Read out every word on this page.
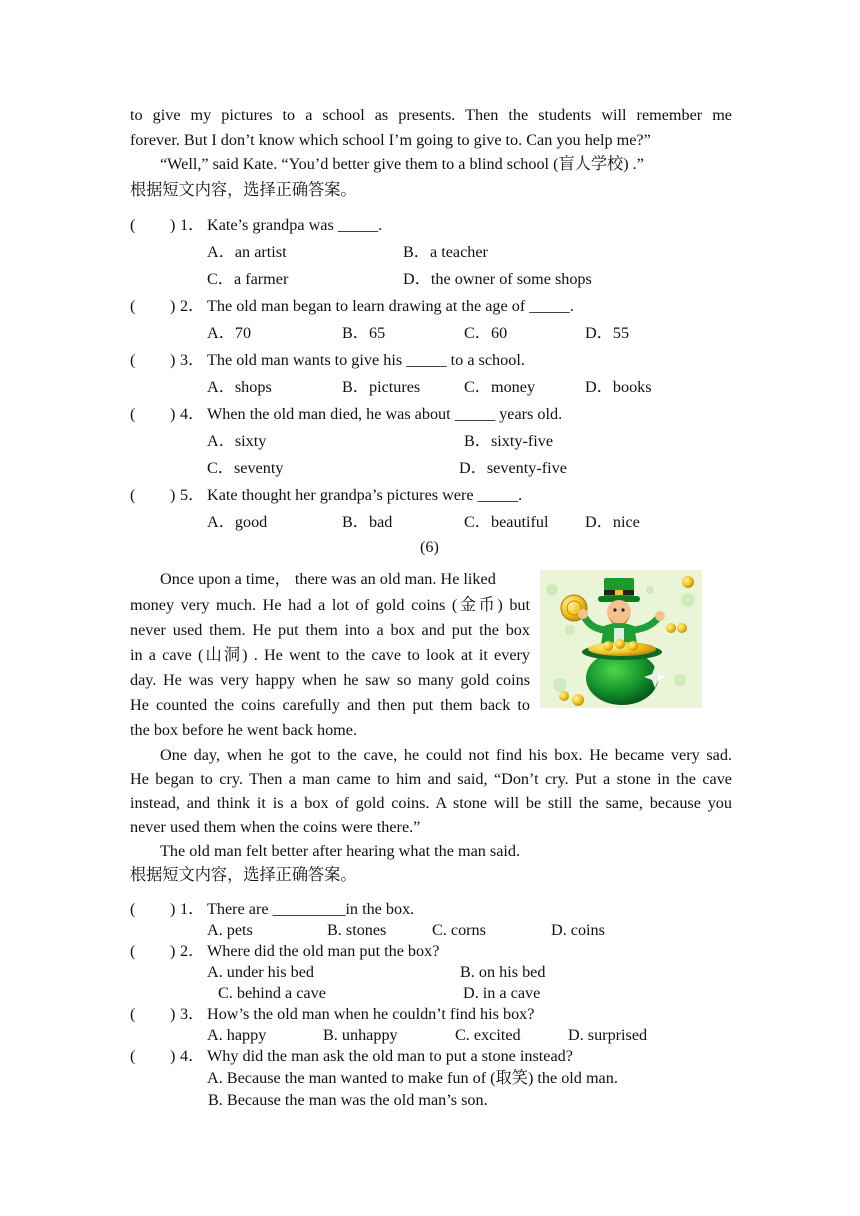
to give my pictures to a school as presents. Then the students will remember me
forever. But I don’t know which school I’m going to give to. Can you help me?”
“Well,” said Kate. “You’d better give them to a blind school (盲人学校) .”
根据短文内容，选择正确答案。
( ) 1． Kate’s grandpa was _____.
A．an artist	B．a teacher
C．a farmer	D．the owner of some shops
( ) 2． The old man began to learn drawing at the age of _____.
A．70	B．65	C．60	D．55
( ) 3． The old man wants to give his _____ to a school.
A．shops	B．pictures	C．money	D．books
( ) 4． When the old man died, he was about _____ years old.
A．sixty	B．sixty-five
C．seventy	D．seventy-five
( ) 5． Kate thought her grandpa’s pictures were _____.
A．good	B．bad	C．beautiful D．nice
(6)
Once upon a time， there was an old man. He liked
money very much. He had a lot of gold coins (金币) but
never used them. He put them into a box and put the box
in a cave (山洞) . He went to the cave to look at it every
day. He was very happy when he saw so many gold coins
He counted the coins carefully and then put them back to
the box before he went back home.
One day, when he got to the cave, he could not find his box. He became very sad.
He began to cry. Then a man came to him and said, “Don’t cry. Put a stone in the cave
instead, and think it is a box of gold coins. A stone will be still the same, because you
never used them when the coins were there.”
The old man felt better after hearing what the man said.
根据短文内容，选择正确答案。
( ) 1． There are _________in the box.
A. pets	B. stones	C. corns	D. coins
( ) 2． Where did the old man put the box?
A. under his bed	B. on his bed
C. behind a cave	D. in a cave
( ) 3． How’s the old man when he couldn’t find his box?
A. happy	B. unhappy	C. excited	D. surprised
( ) 4． Why did the man ask the old man to put a stone instead?
A. Because the man wanted to make fun of (取笑) the old man.
B. Because the man was the old man’s son.
